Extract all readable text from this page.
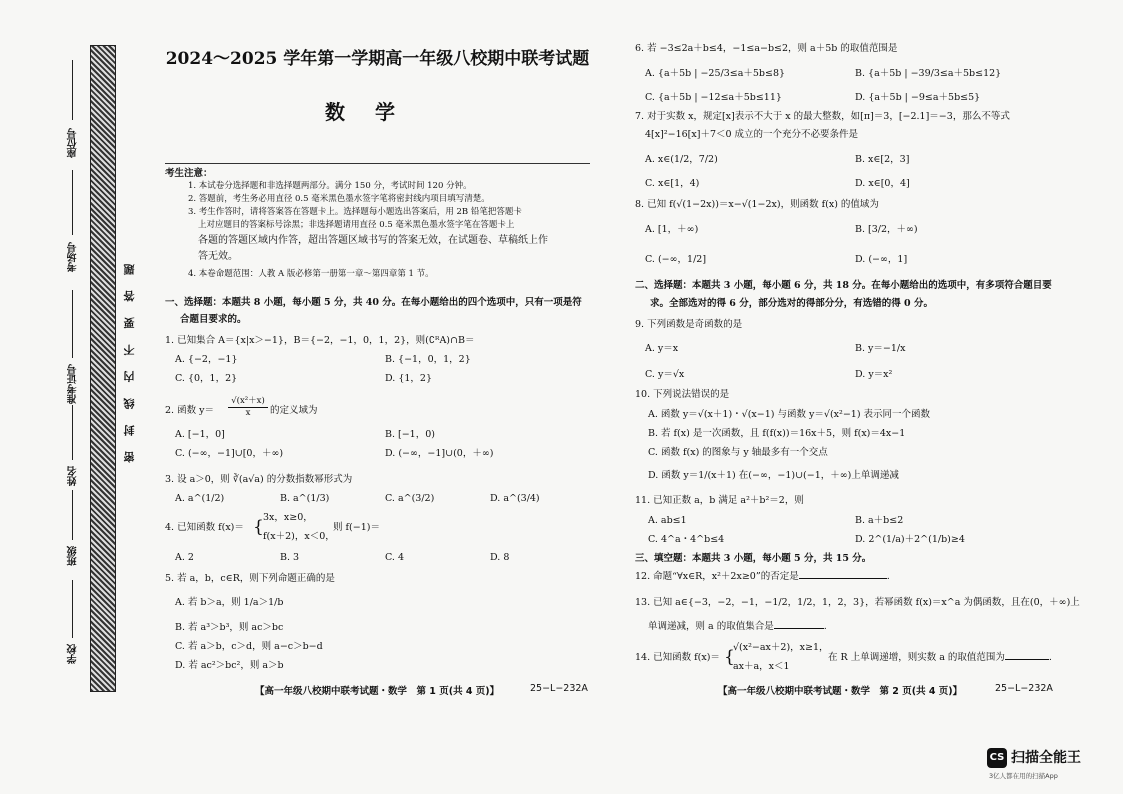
座位号
考场号
准考证号
姓名
班级
学校
密 封 线 内 不 要 答 题
2024～2025 学年第一学期高一年级八校期中联考试题
数学
考生注意：
1. 本试卷分选择题和非选择题两部分。满分 150 分，考试时间 120 分钟。
2. 答题前，考生务必用直径 0.5 毫米黑色墨水签字笔将密封线内项目填写清楚。
3. 考生作答时，请将答案答在答题卡上。选择题每小题选出答案后，用 2B 铅笔把答题卡
上对应题目的答案标号涂黑；非选择题请用直径 0.5 毫米黑色墨水签字笔在答题卡上
各题的答题区域内作答，超出答题区域书写的答案无效，在试题卷、草稿纸上作
答无效。
4. 本卷命题范围：人教 A 版必修第一册第一章～第四章第 1 节。
一、选择题：本题共 8 小题，每小题 5 分，共 40 分。在每小题给出的四个选项中，只有一项是符
合题目要求的。
1. 已知集合 A＝{x|x＞−1}，B＝{−2，−1，0，1，2}，则(∁ᴿA)∩B＝
A. {−2，−1}	B. {−1，0，1，2}
C. {0，1，2}	D. {1，2}
2. 函数 $y= \frac{\text{√(x²＋x)}}{x}$ 的定义域为
A. [−1，0]	B. [−1，0)
C. (−∞，−1]∪[0，＋∞)	D. (−∞，−1]∪(0，＋∞)
3. 设 a＞0，则 ∛(a√a) 的分数指数幂形式为
A. a^(1/2)	B. a^(1/3)	C. a^(3/2)	D. a^(3/4)
4. 已知函数 f(x)＝ { 3x，x≥0，
f(x＋2)，x＜0，
则 f(−1)＝
A. 2	B. 3	C. 4	D. 8
5. 若 a，b，c∈R，则下列命题正确的是
A. 若 b＞a，则 1/a＞1/b
B. 若 a³＞b³，则 ac＞bc
C. 若 a＞b，c＞d，则 a−c＞b−d
D. 若 ac²＞bc²，则 a＞b
【高一年级八校期中联考试题・数学　第 1 页(共 4 页)】	25−L−232A
6. 若 −3≤2a＋b≤4，−1≤a−b≤2，则 a＋5b 的取值范围是
A. {a＋5b | −25/3≤a＋5b≤8}	B. {a＋5b | −39/3≤a＋5b≤12}
C. {a＋5b | −12≤a＋5b≤11}	D. {a＋5b | −9≤a＋5b≤5}
7. 对于实数 x，规定[x]表示不大于 x 的最大整数，如[π]＝3，[−2.1]＝−3，那么不等式
4[x]²−16[x]＋7＜0 成立的一个充分不必要条件是
A. x∈(1/2，7/2)	B. x∈[2，3]
C. x∈[1，4)	D. x∈[0，4]
8. 已知 f(√(1−2x))＝x−√(1−2x)，则函数 f(x) 的值域为
A. [1，＋∞)	B. [3/2，＋∞)
C. (−∞，1/2]	D. (−∞，1]
二、选择题：本题共 3 小题，每小题 6 分，共 18 分。在每小题给出的选项中，有多项符合题目要
求。全部选对的得 6 分，部分选对的得部分分，有选错的得 0 分。
9. 下列函数是奇函数的是
A. y＝x	B. y＝−1/x
C. y＝√x	D. y＝x²
10. 下列说法错误的是
A. 函数 y＝√(x＋1)・√(x−1) 与函数 y＝√(x²−1) 表示同一个函数
B. 若 f(x) 是一次函数，且 f(f(x))＝16x＋5，则 f(x)＝4x−1
C. 函数 f(x) 的图象与 y 轴最多有一个交点
D. 函数 y＝1/(x＋1) 在(−∞，−1)∪(−1，＋∞)上单调递减
11. 已知正数 a，b 满足 a²＋b²＝2，则
A. ab≤1	B. a＋b≤2
C. 4^a・4^b≤4	D. 2^(1/a)＋2^(1/b)≥4
三、填空题：本题共 3 小题，每小题 5 分，共 15 分。
12. 命题“∀x∈R，x²＋2x≥0”的否定是	.
13. 已知 a∈{−3，−2，−1，−1/2，1/2，1，2，3}，若幂函数 f(x)＝x^a 为偶函数，且在(0，＋∞)上
单调递减，则 a 的取值集合是	.
14. 已知函数 f(x)＝ {
√(x²−ax＋2)，x≥1，
ax＋a，x＜1
在 R 上单调递增，则实数 a 的取值范围为	.
【高一年级八校期中联考试题・数学　第 2 页(共 4 页)】	25−L−232A
CS 扫描全能王
3亿人都在用的扫描App
